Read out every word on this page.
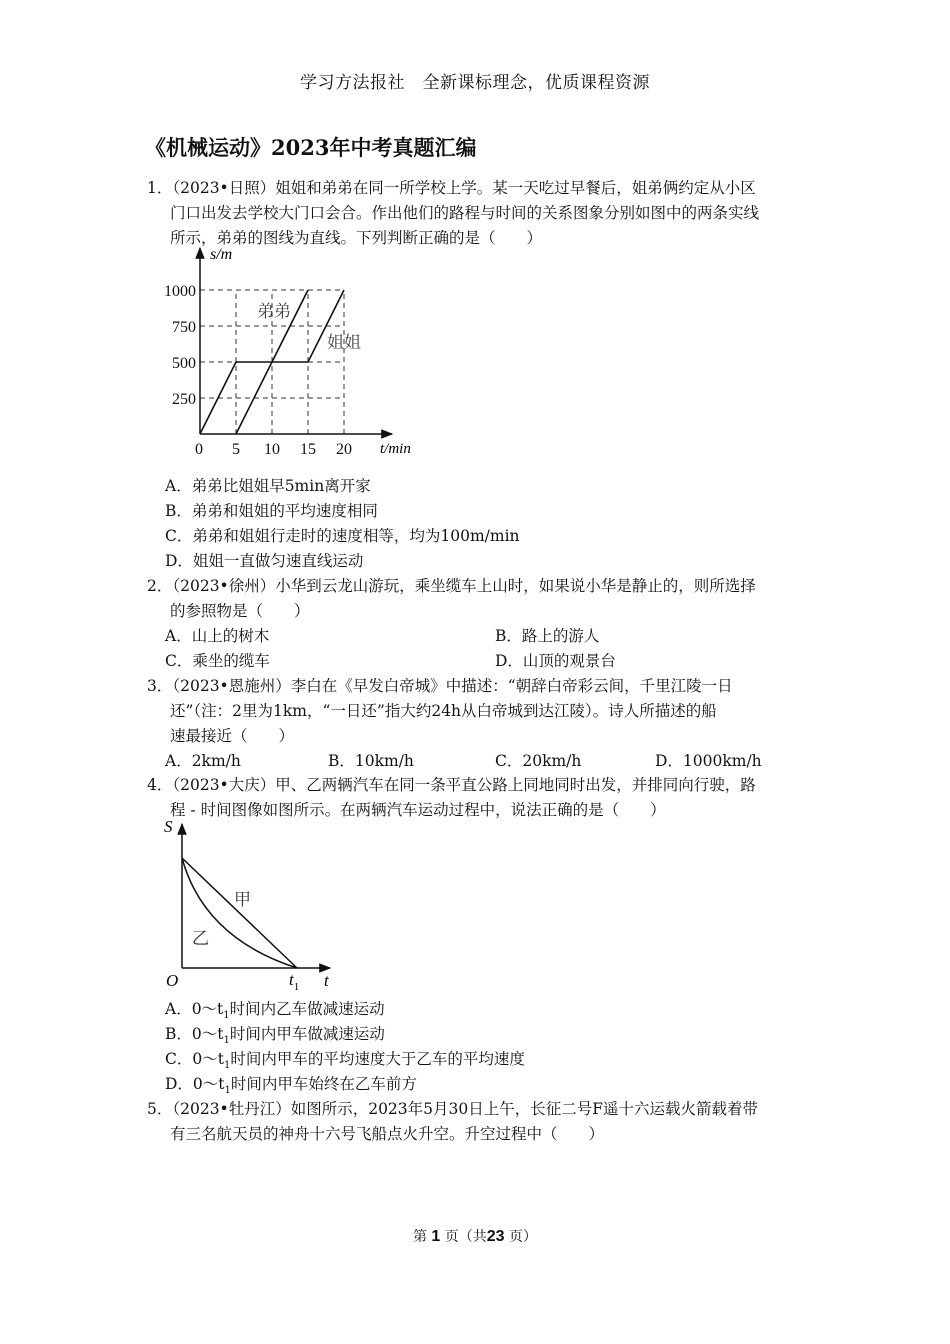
学习方法报社　全新课标理念，优质课程资源
《机械运动》2023年中考真题汇编
1．（2023•日照）姐姐和弟弟在同一所学校上学。某一天吃过早餐后，姐弟俩约定从小区
门口出发去学校大门口会合。作出他们的路程与时间的关系图象分别如图中的两条实线
所示，弟弟的图线为直线。下列判断正确的是（　　）
250
500
750
1000
5 10 15 20
s/m
t/min
0
弟弟
姐姐
A．弟弟比姐姐早5min离开家
B．弟弟和姐姐的平均速度相同
C．弟弟和姐姐行走时的速度相等，均为100m/min
D．姐姐一直做匀速直线运动
2．（2023•徐州）小华到云龙山游玩，乘坐缆车上山时，如果说小华是静止的，则所选择
的参照物是（　　）
A．山上的树木	B．路上的游人
C．乘坐的缆车	D．山顶的观景台
3．（2023•恩施州）李白在《早发白帝城》中描述：“朝辞白帝彩云间，千里江陵一日
还”（注：2里为1km，“一日还”指大约24h从白帝城到达江陵）。诗人所描述的船
速最接近（　　）
A．2km/h	B．10km/h	C．20km/h	D．1000km/h
4．（2023•大庆）甲、乙两辆汽车在同一条平直公路上同地同时出发，并排同向行驶，路
程 - 时间图像如图所示。在两辆汽车运动过程中，说法正确的是（　　）
S
t
O	$t_1$
甲
乙
A．$0\sim t_1$时间内乙车做减速运动
B．$0\sim t_1$时间内甲车做减速运动
C．$0\sim t_1$时间内甲车的平均速度大于乙车的平均速度
D．$0\sim t_1$时间内甲车始终在乙车前方
5．（2023•牡丹江）如图所示，2023年5月30日上午，长征二号F遥十六运载火箭载着带
有三名航天员的神舟十六号飞船点火升空。升空过程中（　　）
第 1 页（共23 页）
